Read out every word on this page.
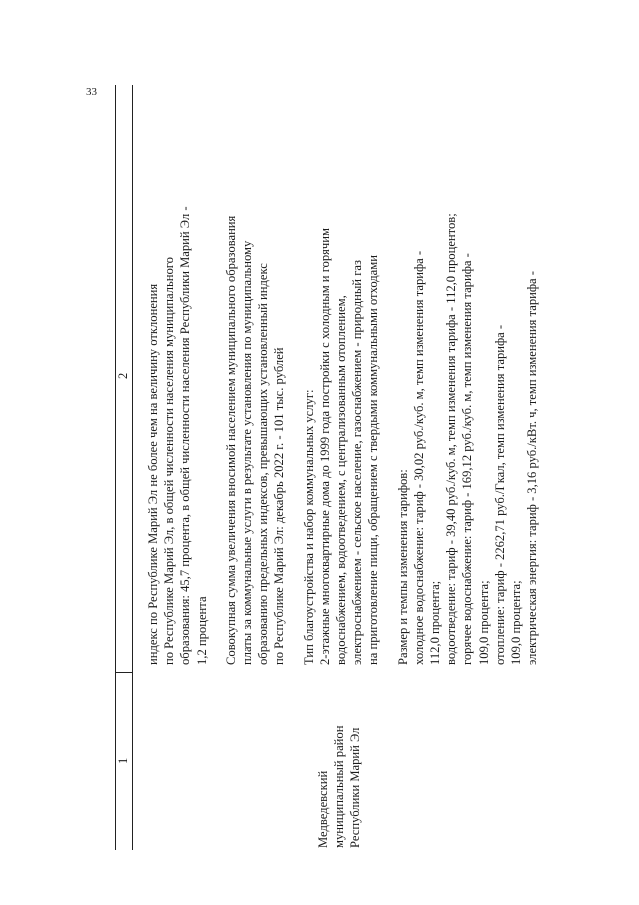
33
1
2 индекс по Республике Марий Эл не более чем на величину отклонения по Республике Марий Эл, в общей численности населения муниципального образования: 45,7 процента, в общей численности населения Республики Марий Эл - 1,2 процента Совокупная сумма увеличения вносимой населением муниципального образования платы за коммунальные услуги в результате установления по муниципальному образованию предельных индексов, превышающих установленный индекс по Республике Марий Эл: декабрь 2022 г. - 101 тыс. рублей Тип благоустройства и набор коммунальных услуг: 2-этажные многоквартирные дома до 1999 года постройки с холодным и горячим водоснабжением, водоотведением, с централизованным отоплением, электроснабжением - сельское население, газоснабжением - природный газ на приготовление пищи, обращением с твердыми коммунальными отходами Размер и темпы изменения тарифов: холодное водоснабжение: тариф - 30,02 руб./куб. м, темп изменения тарифа - 112,0 процента; водоотведение: тариф - 39,40 руб./куб. м, темп изменения тарифа - 112,0 процентов; горячее водоснабжение: тариф - 169,12 руб./куб. м, темп изменения тарифа - 109,0 процента; отопление: тариф - 2262,71 руб./Гкал, темп изменения тарифа - 109,0 процента; электрическая энергия: тариф - 3,16 руб./кВт. ч, темп изменения тарифа -
Медведевский муниципальный район Республики Марий Эл
